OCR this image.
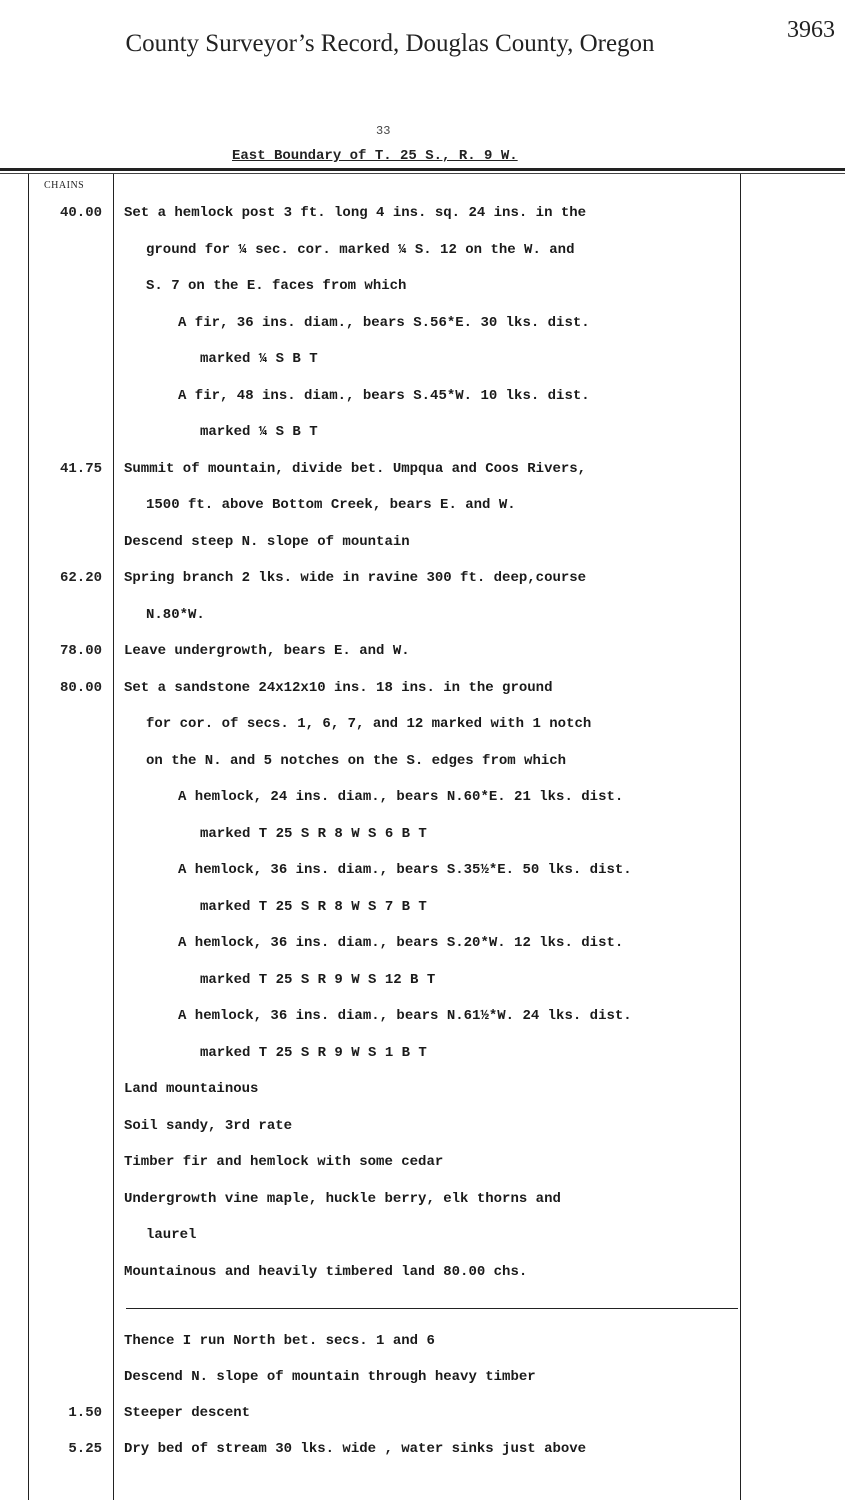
County Surveyor’s Record, Douglas County, Oregon	3963
33
East Boundary of T. 25 S., R. 9 W.
CHAINS
Set a hemlock post 3 ft. long 4 ins. sq. 24 ins. in the
40.00
ground for ¼ sec. cor. marked ¼ S. 12 on the W. and
S. 7 on the E. faces from which
A fir, 36 ins. diam., bears S.56*E. 30 lks. dist.
marked ¼ S B T
A fir, 48 ins. diam., bears S.45*W. 10 lks. dist.
marked ¼ S B T
Summit of mountain, divide bet. Umpqua and Coos Rivers,
41.75
1500 ft. above Bottom Creek, bears E. and W.
Descend steep N. slope of mountain
Spring branch 2 lks. wide in ravine 300 ft. deep,course
62.20
N.80*W.
Leave undergrowth, bears E. and W.
78.00
Set a sandstone 24x12x10 ins. 18 ins. in the ground
80.00
for cor. of secs. 1, 6, 7, and 12 marked with 1 notch
on the N. and 5 notches on the S. edges from which
A hemlock, 24 ins. diam., bears N.60*E. 21 lks. dist.
marked T 25 S R 8 W S 6 B T
A hemlock, 36 ins. diam., bears S.35½*E. 50 lks. dist.
marked T 25 S R 8 W S 7 B T
A hemlock, 36 ins. diam., bears S.20*W. 12 lks. dist.
marked T 25 S R 9 W S 12 B T
A hemlock, 36 ins. diam., bears N.61½*W. 24 lks. dist.
marked T 25 S R 9 W S 1 B T
Land mountainous
Soil sandy, 3rd rate
Timber fir and hemlock with some cedar
Undergrowth vine maple, huckle berry, elk thorns and
laurel
Mountainous and heavily timbered land 80.00 chs.
Thence I run North bet. secs. 1 and 6
Descend N. slope of mountain through heavy timber
Steeper descent
1.50
Dry bed of stream 30 lks. wide , water sinks just above
5.25
